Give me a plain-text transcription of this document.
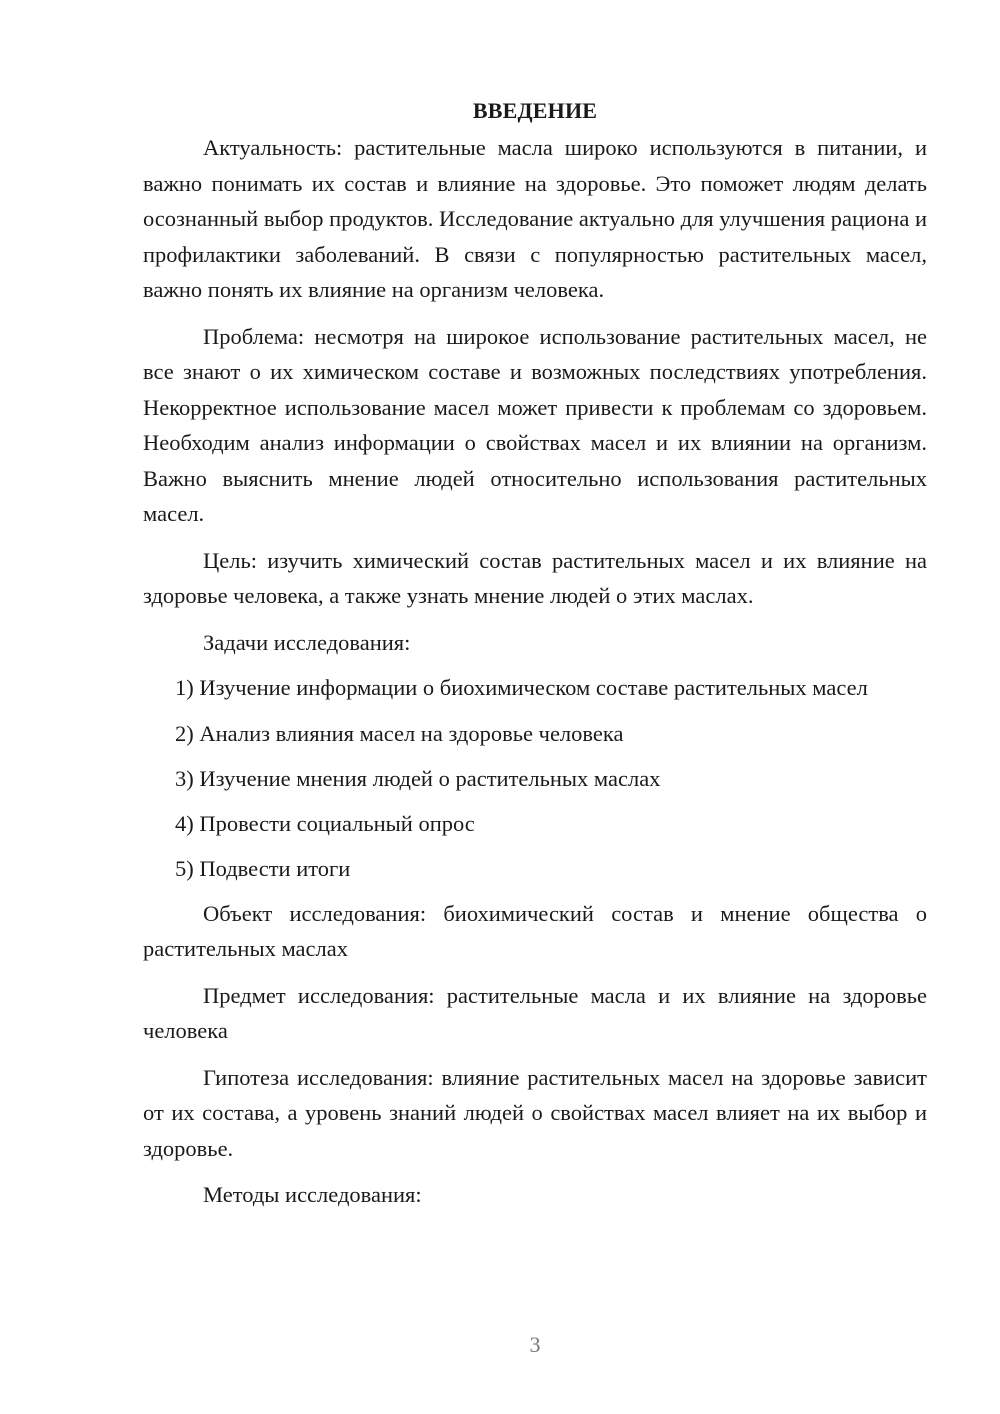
ВВЕДЕНИЕ

Актуальность: растительные масла широко используются в питании, и важно понимать их состав и влияние на здоровье. Это поможет людям делать осознанный выбор продуктов. Исследование актуально для улучшения рациона и профилактики заболеваний. В связи с популярностью растительных масел, важно понять их влияние на организм человека.

Проблема: несмотря на широкое использование растительных масел, не все знают о их химическом составе и возможных последствиях употребления. Некорректное использование масел может привести к проблемам со здоровьем. Необходим анализ информации о свойствах масел и их влиянии на организм. Важно выяснить мнение людей относительно использования растительных масел.

Цель: изучить химический состав растительных масел и их влияние на здоровье человека, а также узнать мнение людей о этих маслах.

Задачи исследования:

1) Изучение информации о биохимическом составе растительных масел

2) Анализ влияния масел на здоровье человека

3) Изучение мнения людей о растительных маслах

4) Провести социальный опрос

5) Подвести итоги

Объект исследования: биохимический состав и мнение общества о растительных маслах

Предмет исследования: растительные масла и их влияние на здоровье человека

Гипотеза исследования: влияние растительных масел на здоровье зависит от их состава, а уровень знаний людей о свойствах масел влияет на их выбор и здоровье.

Методы исследования:

3
